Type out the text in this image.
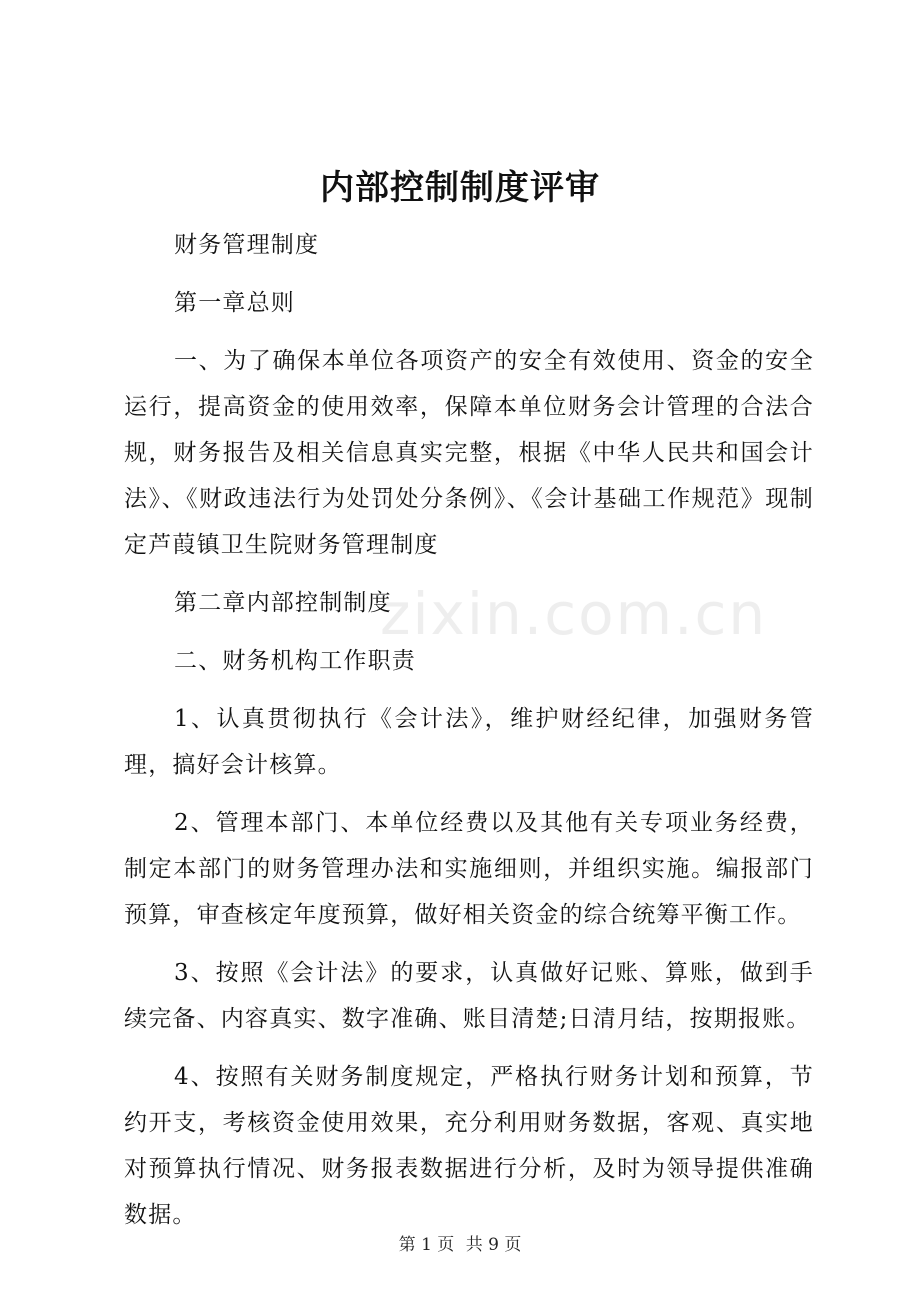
zixin.com.cn
内部控制制度评审

财务管理制度

第一章总则

一、为了确保本单位各项资产的安全有效使用、资金的安全运行，提高资金的使用效率，保障本单位财务会计管理的合法合规，财务报告及相关信息真实完整，根据《中华人民共和国会计法》、《财政违法行为处罚处分条例》、《会计基础工作规范》现制定芦葭镇卫生院财务管理制度

第二章内部控制制度

二、财务机构工作职责

1、认真贯彻执行《会计法》，维护财经纪律，加强财务管理，搞好会计核算。

2、管理本部门、本单位经费以及其他有关专项业务经费，制定本部门的财务管理办法和实施细则，并组织实施。编报部门预算，审查核定年度预算，做好相关资金的综合统筹平衡工作。

3、按照《会计法》的要求，认真做好记账、算账，做到手续完备、内容真实、数字准确、账目清楚;日清月结，按期报账。

4、按照有关财务制度规定，严格执行财务计划和预算，节约开支，考核资金使用效果，充分利用财务数据，客观、真实地对预算执行情况、财务报表数据进行分析，及时为领导提供准确数据。

第 1 页 共 9 页
